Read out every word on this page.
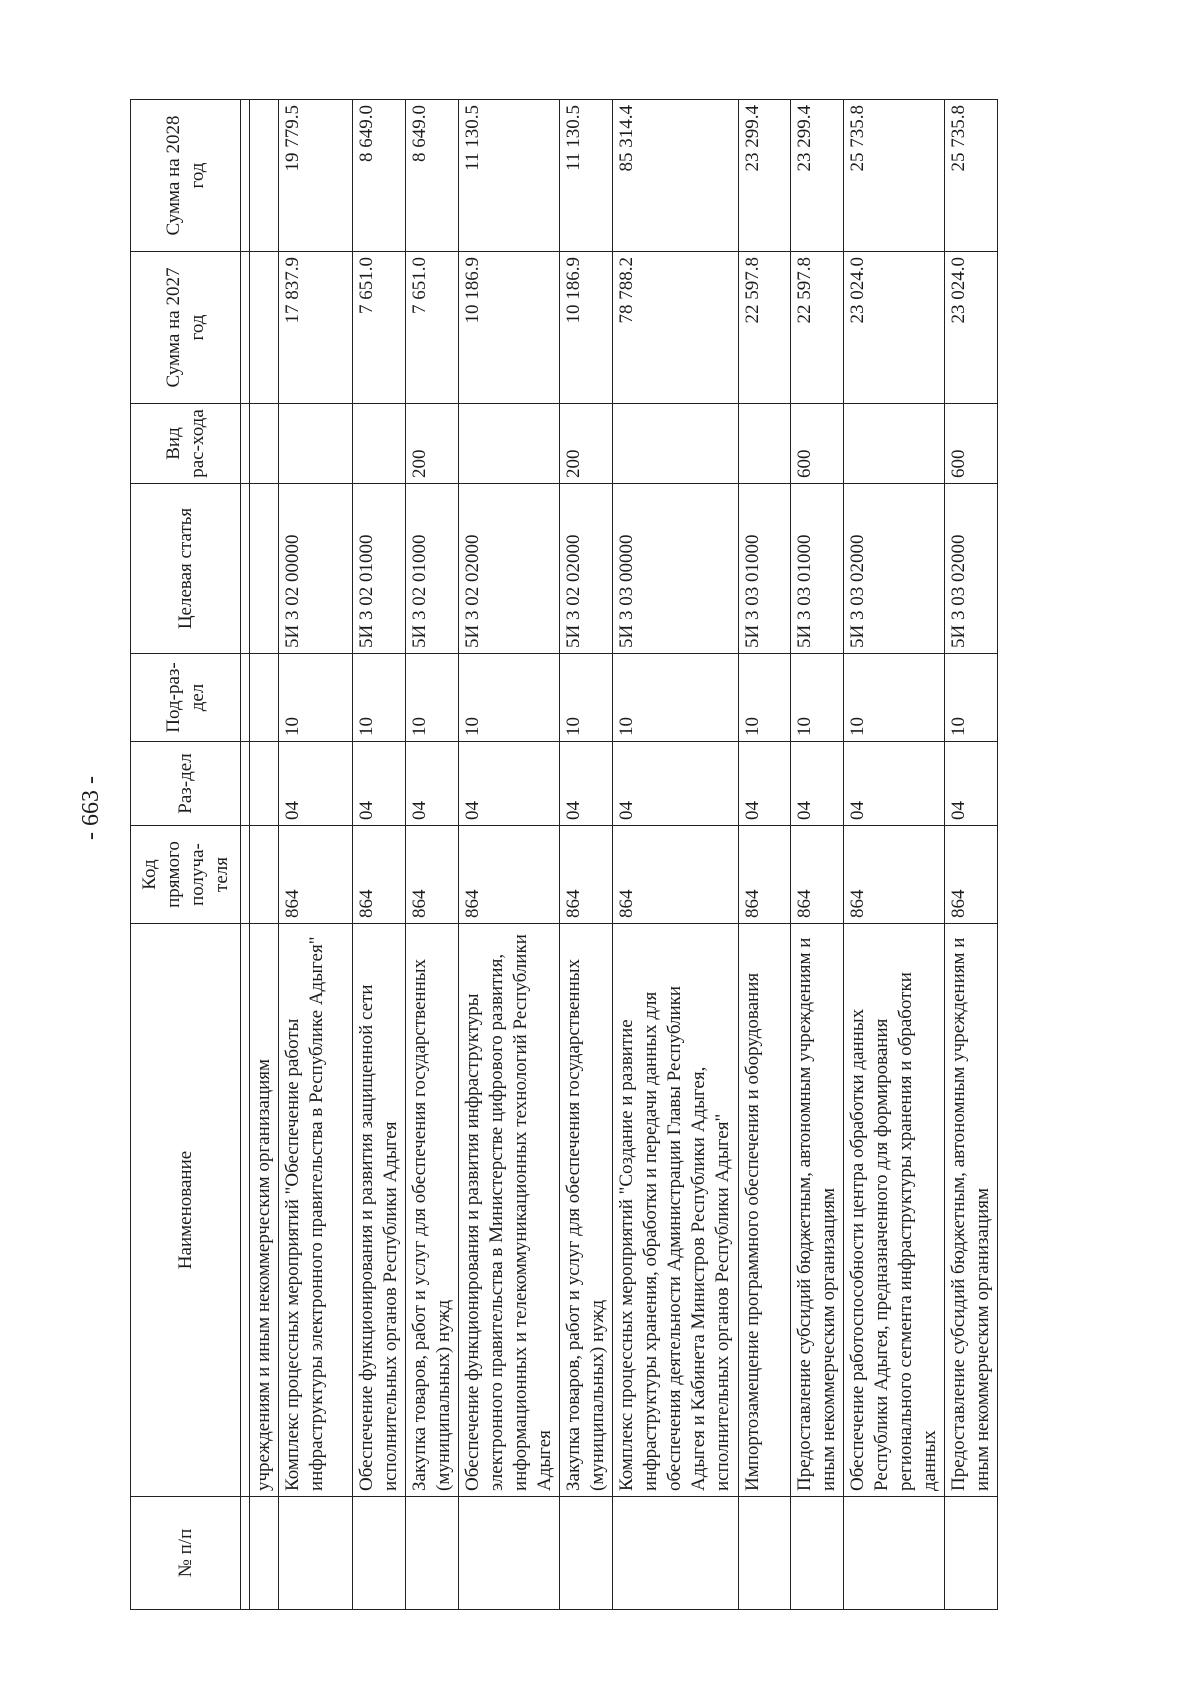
- 663 -
№ п/п	Наименование	Код прямого получа-теля	Раз-дел	Под-раз-дел	Целевая статья	Вид рас-хода	Сумма на 2027 год	Сумма на 2028 год

	учреждениям и иным некоммерческим организациям							
	Комплекс процессных мероприятий "Обеспечение работы инфраструктуры электронного правительства в Республике Адыгея"	864	04	10	5И 3 02 00000		17 837.9	19 779.5
	Обеспечение функционирования и развития защищенной сети исполнительных органов Республики Адыгея	864	04	10	5И 3 02 01000		7 651.0	8 649.0
	Закупка товаров, работ и услуг для обеспечения государственных (муниципальных) нужд	864	04	10	5И 3 02 01000	200	7 651.0	8 649.0
	Обеспечение функционирования и развития инфраструктуры электронного правительства в Министерстве цифрового развития, информационных и телекоммуникационных технологий Республики Адыгея	864	04	10	5И 3 02 02000		10 186.9	11 130.5
	Закупка товаров, работ и услуг для обеспечения государственных (муниципальных) нужд	864	04	10	5И 3 02 02000	200	10 186.9	11 130.5
	Комплекс процессных мероприятий "Создание и развитие инфраструктуры хранения, обработки и передачи данных для обеспечения деятельности Администрации Главы Республики Адыгея и Кабинета Министров Республики Адыгея, исполнительных органов Республики Адыгея"	864	04	10	5И 3 03 00000		78 788.2	85 314.4
	Импортозамещение программного обеспечения и оборудования	864	04	10	5И 3 03 01000		22 597.8	23 299.4
	Предоставление субсидий бюджетным, автономным учреждениям и иным некоммерческим организациям	864	04	10	5И 3 03 01000	600	22 597.8	23 299.4
	Обеспечение работоспособности центра обработки данных Республики Адыгея, предназначенного для формирования регионального сегмента инфраструктуры хранения и обработки данных	864	04	10	5И 3 03 02000		23 024.0	25 735.8
	Предоставление субсидий бюджетным, автономным учреждениям и иным некоммерческим организациям	864	04	10	5И 3 03 02000	600	23 024.0	25 735.8
